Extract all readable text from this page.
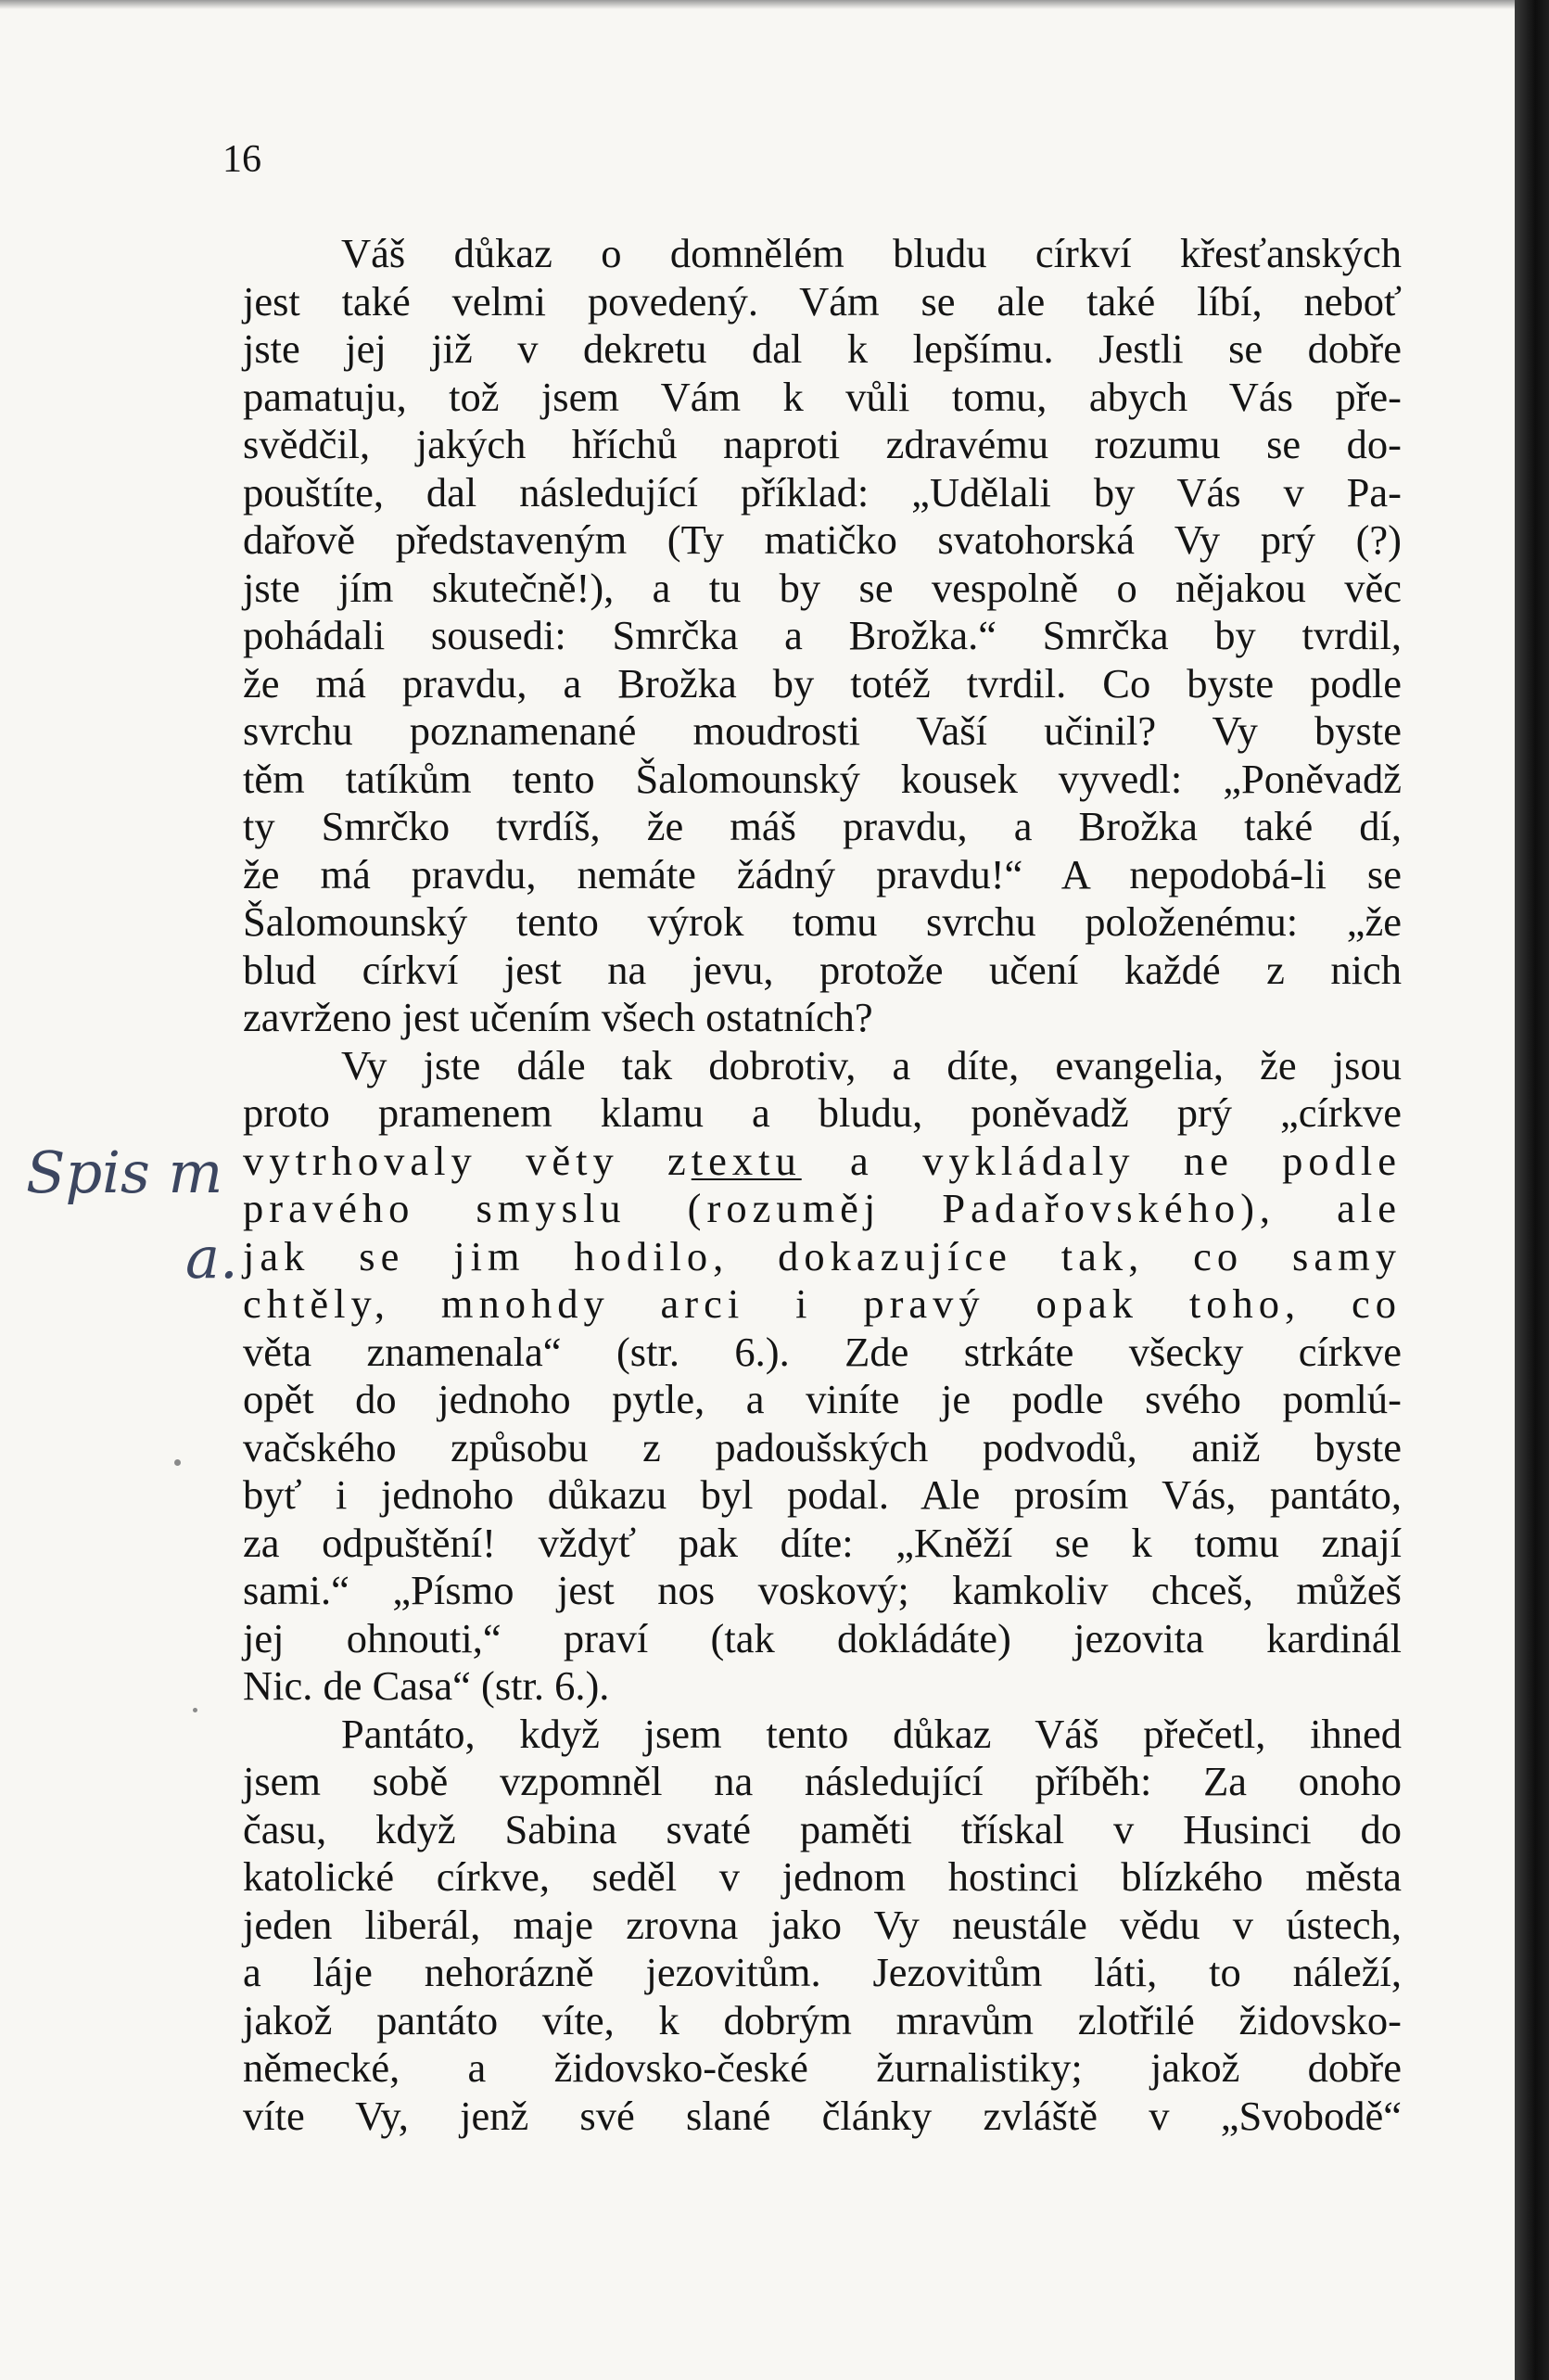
16
Spis m
a.
Váš důkaz o domnělém bludu církví křesťanských
jest také velmi povedený. Vám se ale také líbí, neboť
jste jej již v dekretu dal k lepšímu. Jestli se dobře
pamatuju, tož jsem Vám k vůli tomu, abych Vás pře-
svědčil, jakých hříchů naproti zdravému rozumu se do-
pouštíte, dal následující příklad: „Udělali by Vás v Pa-
dařově představeným (Ty matičko svatohorská Vy prý (?)
jste jím skutečně!), a tu by se vespolně o nějakou věc
pohádali sousedi: Smrčka a Brožka.“ Smrčka by tvrdil,
že má pravdu, a Brožka by totéž tvrdil. Co byste podle
svrchu poznamenané moudrosti Vaší učinil? Vy byste
těm tatíkům tento Šalomounský kousek vyvedl: „Poněvadž
ty Smrčko tvrdíš, že máš pravdu, a Brožka také dí,
že má pravdu, nemáte žádný pravdu!“ A nepodobá-li se
Šalomounský tento výrok tomu svrchu položenému: „že
blud církví jest na jevu, protože učení každé z nich
zavrženo jest učením všech ostatních?
Vy jste dále tak dobrotiv, a díte, evangelia, že jsou
proto pramenem klamu a bludu, poněvadž prý „církve
vytrhovaly věty ztextu a vykládaly ne podle
pravého smyslu (rozuměj Padařovského), ale
jak se jim hodilo, dokazujíce tak, co samy
chtěly, mnohdy arci i pravý opak toho, co
věta znamenala“ (str. 6.). Zde strkáte všecky církve
opět do jednoho pytle, a viníte je podle svého pomlú-
vačského způsobu z padoušských podvodů, aniž byste
byť i jednoho důkazu byl podal. Ale prosím Vás, pantáto,
za odpuštění! vždyť pak díte: „Kněží se k tomu znají
sami.“ „Písmo jest nos voskový; kamkoliv chceš, můžeš
jej ohnouti,“ praví (tak dokládáte) jezovita kardinál
Nic. de Casa“ (str. 6.).
Pantáto, když jsem tento důkaz Váš přečetl, ihned
jsem sobě vzpomněl na následující příběh: Za onoho
času, když Sabina svaté paměti třískal v Husinci do
katolické církve, seděl v jednom hostinci blízkého města
jeden liberál, maje zrovna jako Vy neustále vědu v ústech,
a láje nehorázně jezovitům. Jezovitům láti, to náleží,
jakož pantáto víte, k dobrým mravům zlotřilé židovsko-
německé, a židovsko-české žurnalistiky; jakož dobře
víte Vy, jenž své slané články zvláště v „Svobodě“
